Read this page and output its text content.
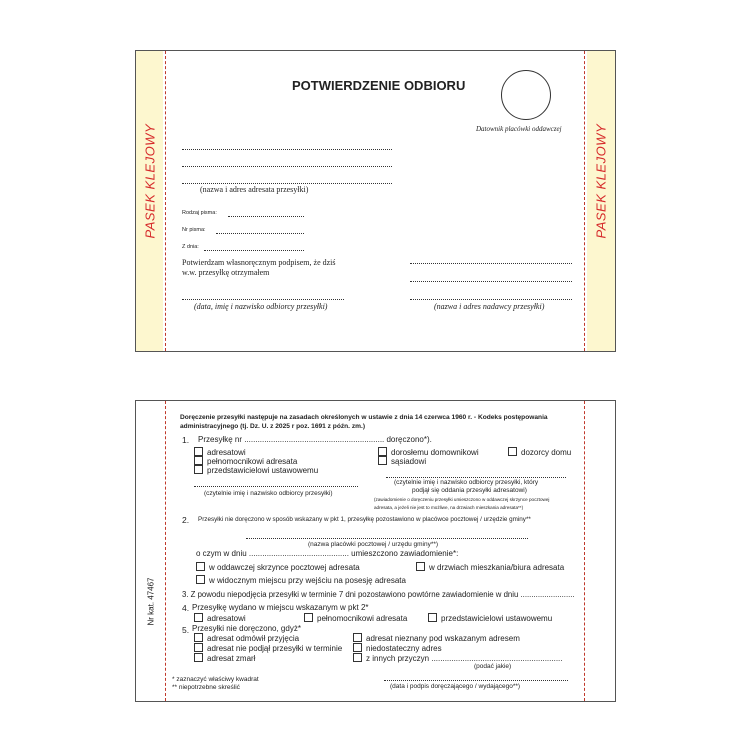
PASEK KLEJOWY	PASEK KLEJOWY
POTWIERDZENIE ODBIORU
Datownik placówki oddawczej
(nazwa i adres adresata przesyłki)
Rodzaj pisma:
Nr pisma:
Z dnia:
Potwierdzam własnoręcznym podpisem, że dziś
w.w. przesyłkę otrzymałem
(data, imię i nazwisko odbiorcy przesyłki)	(nazwa i adres nadawcy przesyłki)
Nr kat. 47467
Doręczenie przesyłki następuje na zasadach określonych w ustawie z dnia 14 czerwca 1960 r. - Kodeks postępowania
administracyjnego (tj. Dz. U. z 2025 r poz. 1691 z późn. zm.)
1. Przesyłkę nr ............................................................... doręczono*).
adresatowi
pełnomocnikowi adresata
przedstawicielowi ustawowemu
dorosłemu domownikowi
sąsiadowi
dozorcy domu
(czytelnie imię i nazwisko odbiorcy przesyłki)
(czytelnie imię i nazwisko odbiorcy przesyłki, który
podjął się oddania przesyłki adresatowi)
(zawiadomienie o doręczeniu przesyłki umieszczono w oddawczej skrzynce pocztowej
adresata, a jeżeli nie jest to możliwe, na drzwiach mieszkania adresata**)
2. Przesyłki nie doręczono w sposób wskazany w pkt 1, przesyłkę pozostawiono w placówce pocztowej / urzędzie gminy**
(nazwa placówki pocztowej / urzędu gminy**)
o czym w dniu ............................................. umieszczono zawiadomienie*:
w oddawczej skrzynce pocztowej adresata	w drzwiach mieszkania/biura adresata
w widocznym miejscu przy wejściu na posesję adresata
3. Z powodu niepodjęcia przesyłki w terminie 7 dni pozostawiono powtórne zawiadomienie w dniu .........................
4. Przesyłkę wydano w miejscu wskazanym w pkt 2*
adresatowi	pełnomocnikowi adresata	przedstawicielowi ustawowemu
5. Przesyłki nie doręczono, gdyż*
adresat odmówił przyjęcia
adresat nie podjął przesyłki w terminie
adresat zmarł
adresat nieznany pod wskazanym adresem
niedostateczny adres
z innych przyczyn ...........................................................
(podać jakie)
* zaznaczyć właściwy kwadrat
** niepotrzebne skreślić	(data i podpis doręczającego / wydającego**)
